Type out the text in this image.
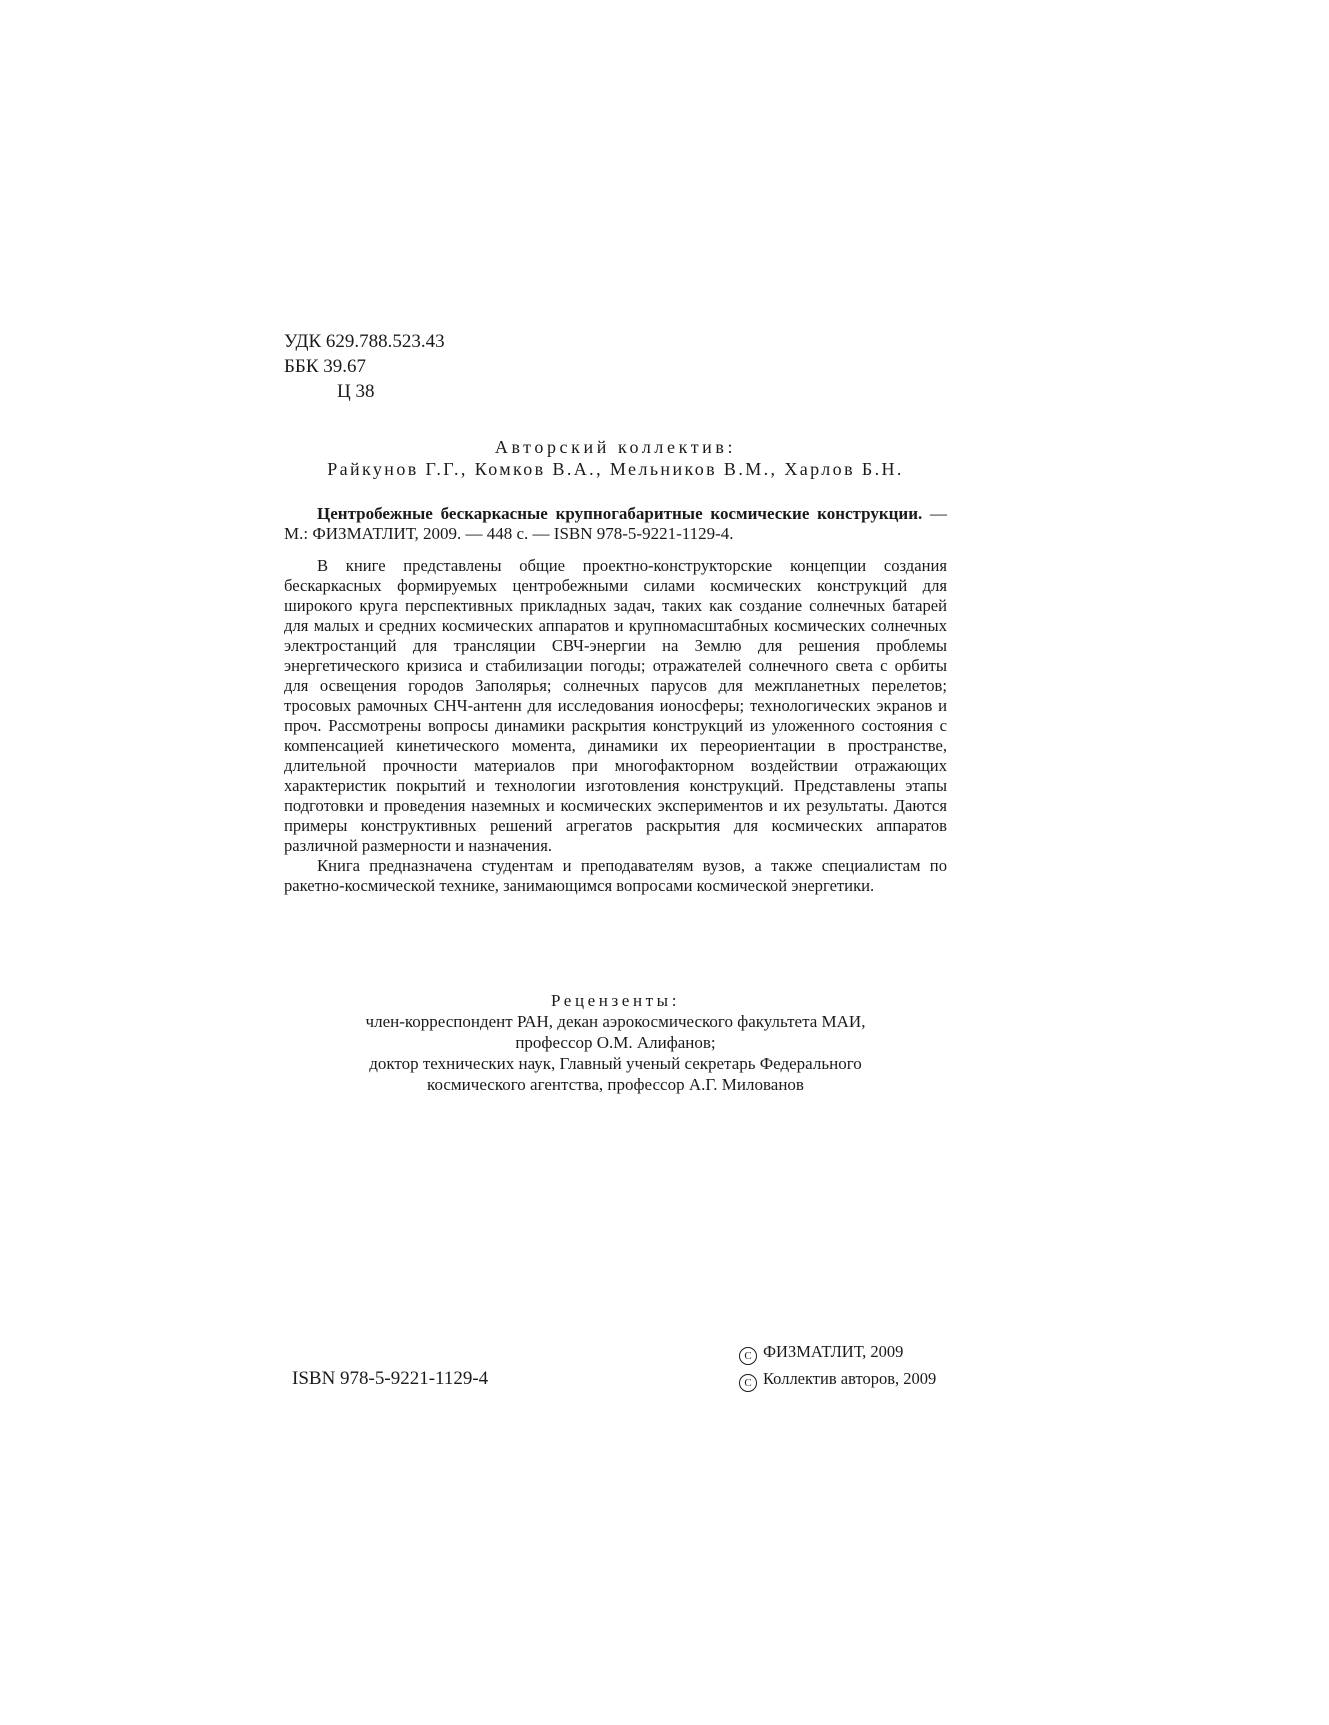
УДК 629.788.523.43
ББК 39.67
Ц 38
Авторский коллектив:
Райкунов Г.Г., Комков В.А., Мельников В.М., Харлов Б.Н.

Центробежные бескаркасные крупногабаритные космические конструкции. — М.: ФИЗМАТЛИТ, 2009. — 448 с. — ISBN 978-5-9221-1129-4.

В книге представлены общие проектно-конструкторские концепции создания бескаркасных формируемых центробежными силами космических конструкций для широкого круга перспективных прикладных задач, таких как создание солнечных батарей для малых и средних космических аппаратов и крупномасштабных космических солнечных электростанций для трансляции СВЧ-энергии на Землю для решения проблемы энергетического кризиса и стабилизации погоды; отражателей солнечного света с орбиты для освещения городов Заполярья; солнечных парусов для межпланетных перелетов; тросовых рамочных СНЧ-антенн для исследования ионосферы; технологических экранов и проч. Рассмотрены вопросы динамики раскрытия конструкций из уложенного состояния с компенсацией кинетического момента, динамики их переориентации в пространстве, длительной прочности материалов при многофакторном воздействии отражающих характеристик покрытий и технологии изготовления конструкций. Представлены этапы подготовки и проведения наземных и космических экспериментов и их результаты. Даются примеры конструктивных решений агрегатов раскрытия для космических аппаратов различной размерности и назначения.

Книга предназначена студентам и преподавателям вузов, а также специалистам по ракетно-космической технике, занимающимся вопросами космической энергетики.

Рецензенты:
член-корреспондент РАН, декан аэрокосмического факультета МАИ,
профессор О.М. Алифанов;
доктор технических наук, Главный ученый секретарь Федерального
космического агентства, профессор А.Г. Милованов
ISBN 978-5-9221-1129-4
C ФИЗМАТЛИТ, 2009
C Коллектив авторов, 2009
